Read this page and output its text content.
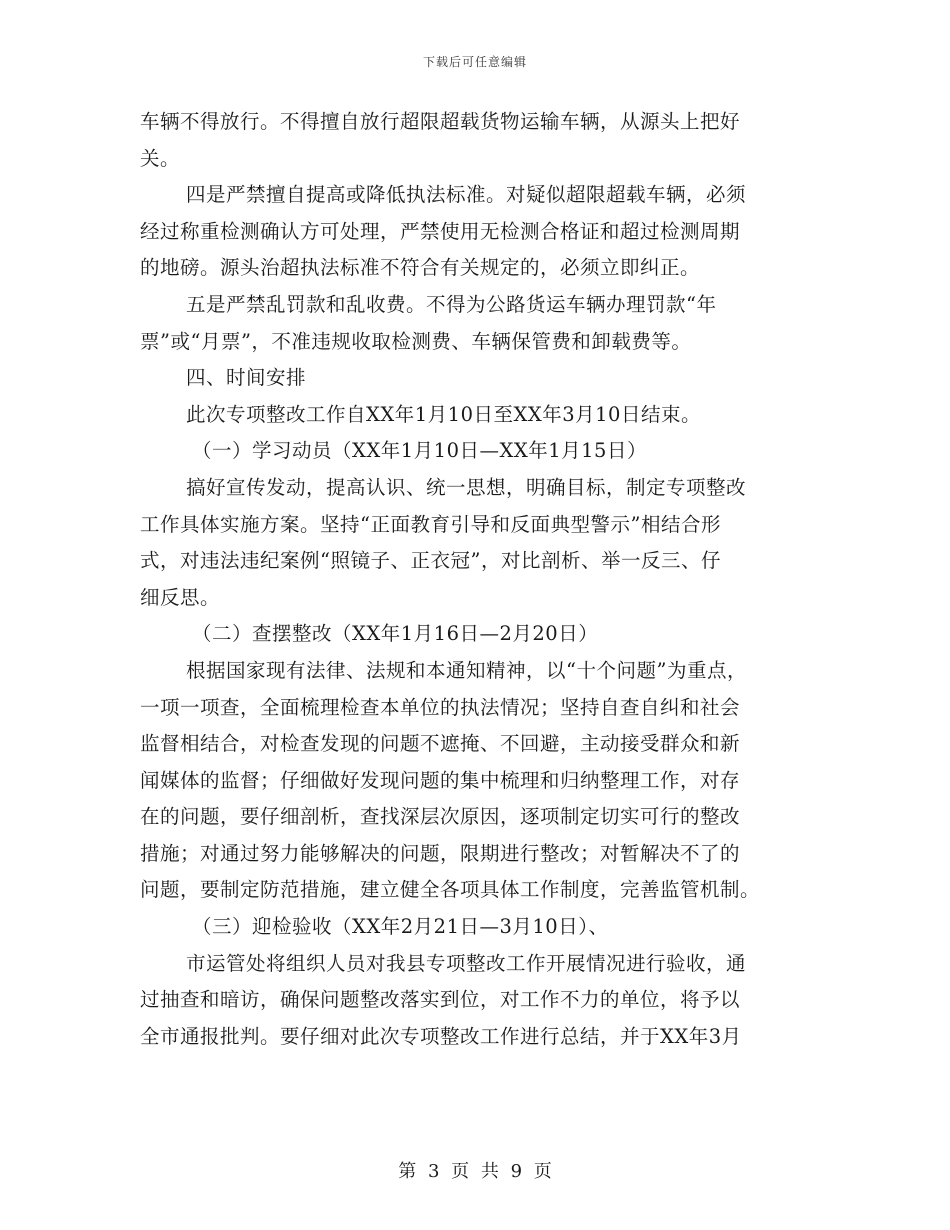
下载后可任意编辑
车辆不得放行。不得擅自放行超限超载货物运输车辆，从源头上把好
关。
四是严禁擅自提高或降低执法标准。对疑似超限超载车辆，必须
经过称重检测确认方可处理，严禁使用无检测合格证和超过检测周期
的地磅。源头治超执法标准不符合有关规定的，必须立即纠正。
五是严禁乱罚款和乱收费。不得为公路货运车辆办理罚款“年
票”或“月票”，不准违规收取检测费、车辆保管费和卸载费等。
四、时间安排
此次专项整改工作自XX年1月10日至XX年3月10日结束。
（一）学习动员（XX年1月10日—XX年1月15日）
搞好宣传发动，提高认识、统一思想，明确目标，制定专项整改
工作具体实施方案。坚持“正面教育引导和反面典型警示”相结合形
式，对违法违纪案例“照镜子、正衣冠”，对比剖析、举一反三、仔
细反思。
（二）查摆整改（XX年1月16日—2月20日）
根据国家现有法律、法规和本通知精神，以“十个问题”为重点，
一项一项查，全面梳理检查本单位的执法情况；坚持自查自纠和社会
监督相结合，对检查发现的问题不遮掩、不回避，主动接受群众和新
闻媒体的监督；仔细做好发现问题的集中梳理和归纳整理工作，对存
在的问题，要仔细剖析，查找深层次原因，逐项制定切实可行的整改
措施；对通过努力能够解决的问题，限期进行整改；对暂解决不了的
问题，要制定防范措施，建立健全各项具体工作制度，完善监管机制。
（三）迎检验收（XX年2月21日—3月10日）、
市运管处将组织人员对我县专项整改工作开展情况进行验收，通
过抽查和暗访，确保问题整改落实到位，对工作不力的单位，将予以
全市通报批判。要仔细对此次专项整改工作进行总结，并于XX年3月
第 3 页 共 9 页
